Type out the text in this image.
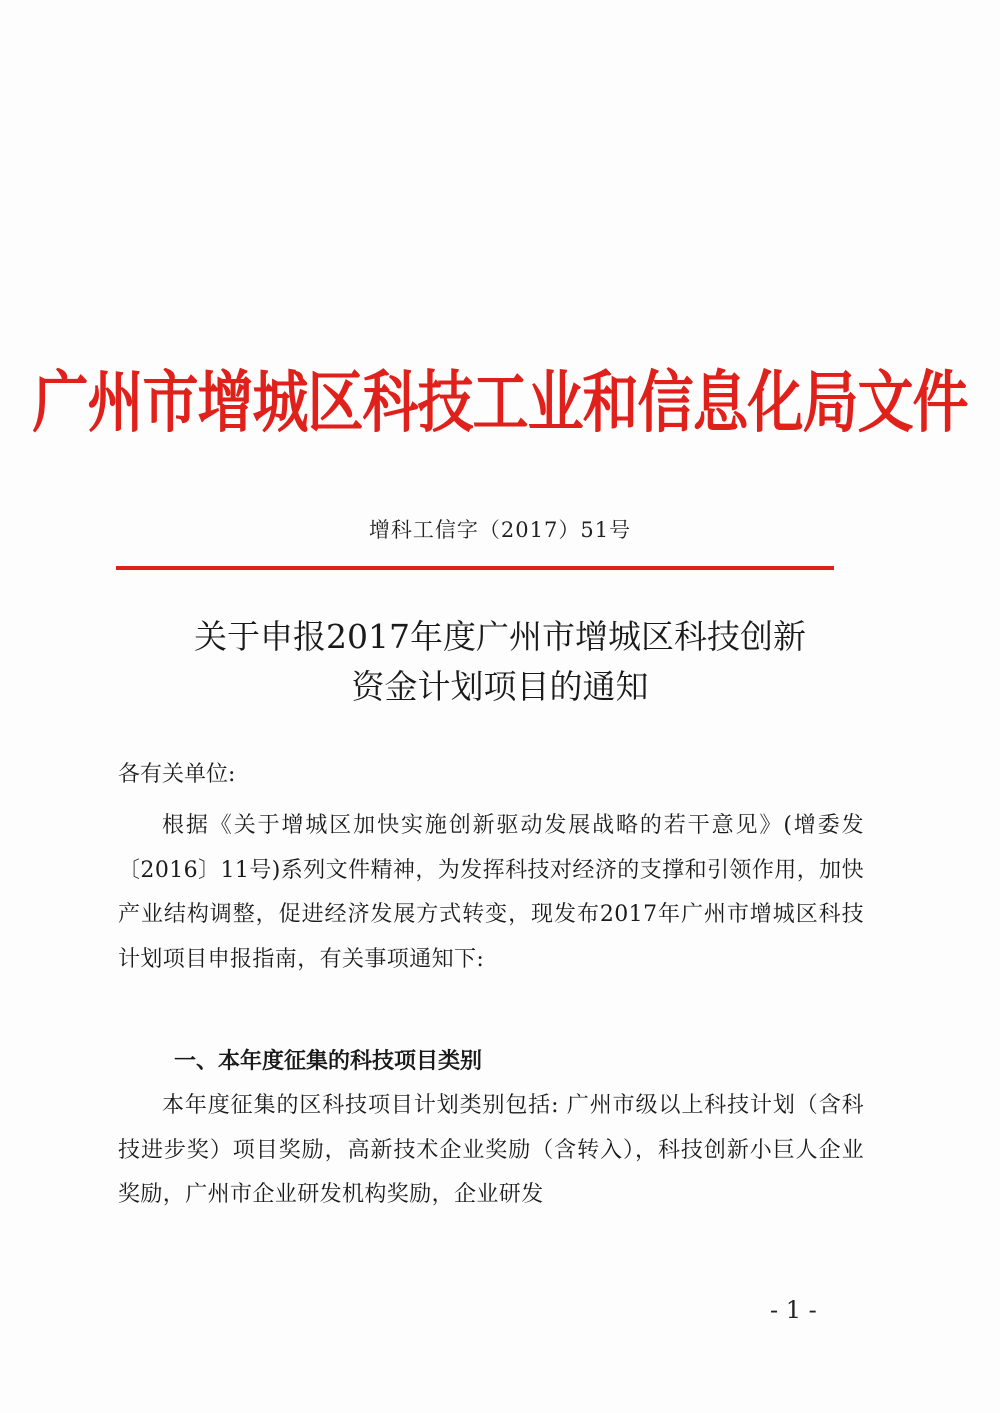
广州市增城区科技工业和信息化局文件
增科工信字（2017）51号
关于申报2017年度广州市增城区科技创新
资金计划项目的通知
各有关单位:
根据《关于增城区加快实施创新驱动发展战略的若干意见》(增委发〔2016〕11号)系列文件精神，为发挥科技对经济的支撑和引领作用，加快产业结构调整，促进经济发展方式转变，现发布2017年广州市增城区科技计划项目申报指南，有关事项通知下:
一、本年度征集的科技项目类别
本年度征集的区科技项目计划类别包括: 广州市级以上科技计划（含科技进步奖）项目奖励，高新技术企业奖励（含转入），科技创新小巨人企业奖励，广州市企业研发机构奖励，企业研发
- 1 -
